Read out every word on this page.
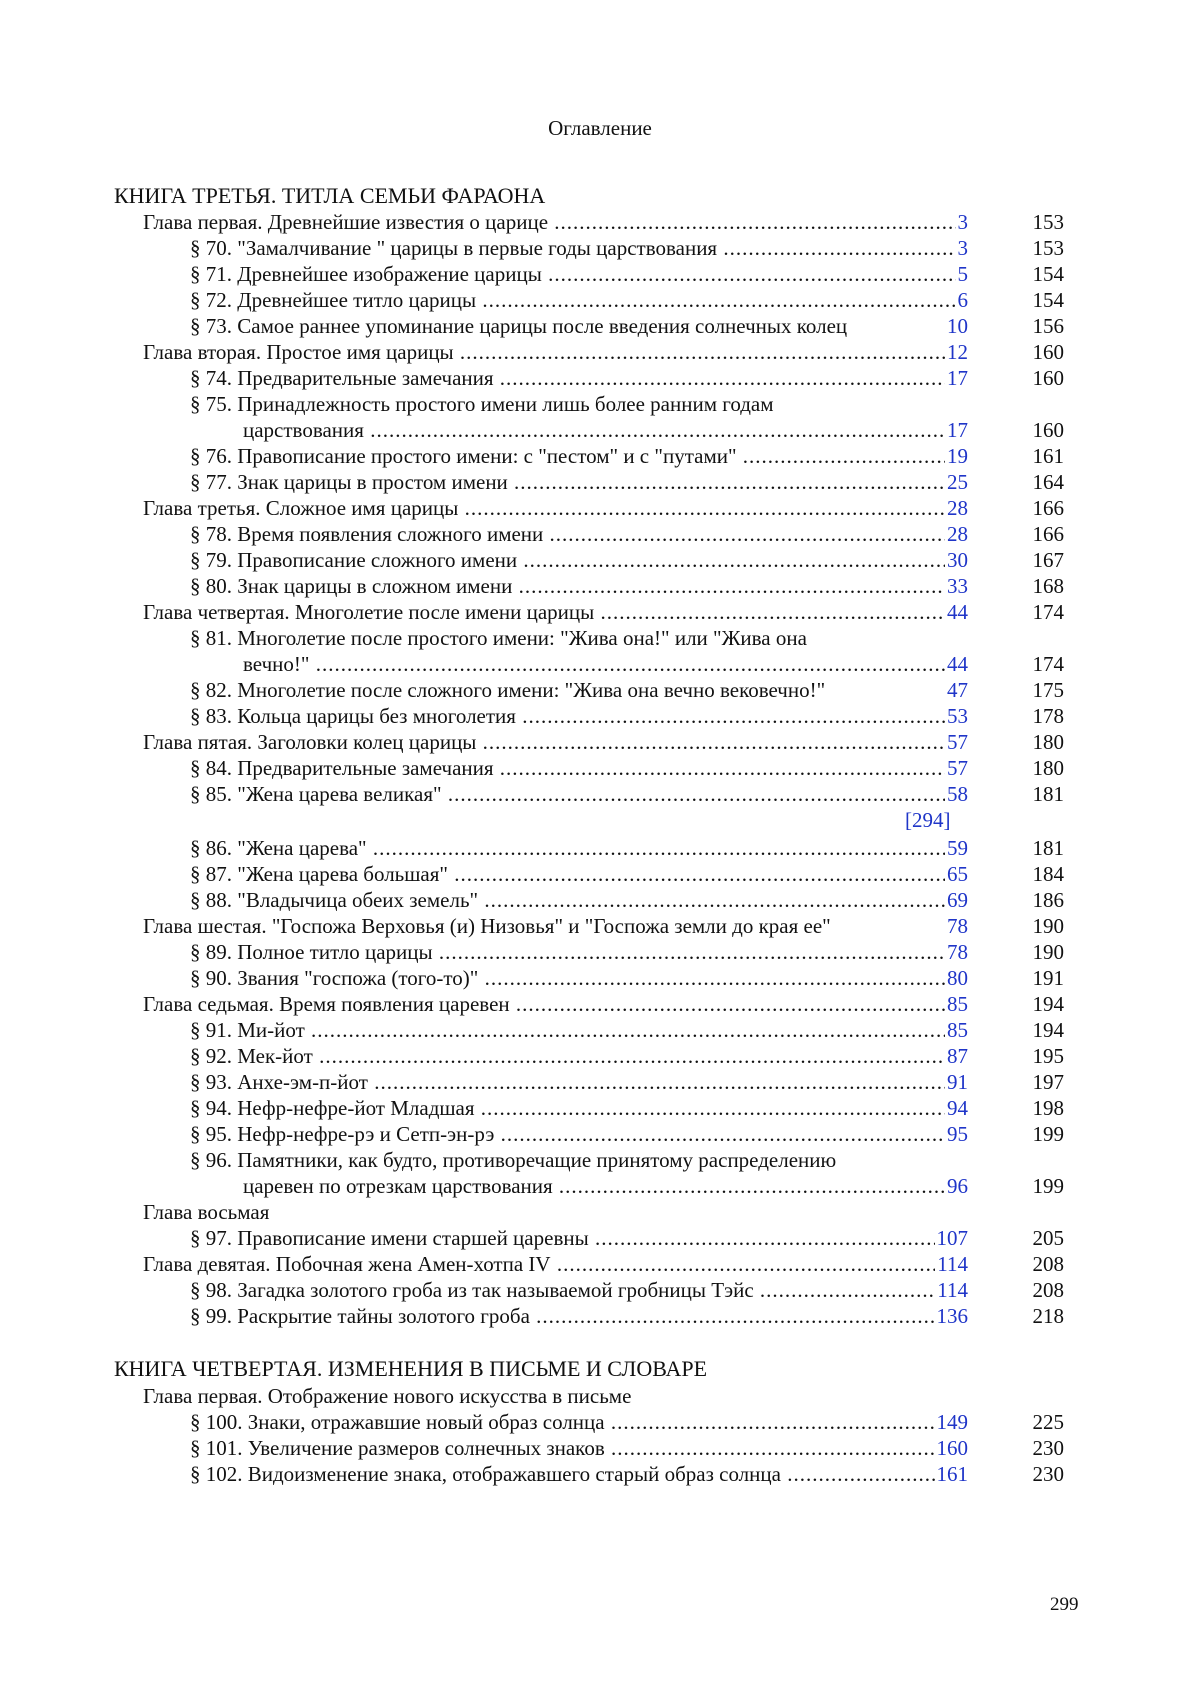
Оглавление
КНИГА ТРЕТЬЯ. ТИТЛА СЕМЬИ ФАРАОНА
Глава первая. Древнейшие известия о царице .....	3	153
§ 70. "Замалчивание " царицы в первые годы царствования .....	3	153
§ 71. Древнейшее изображение царицы .....	5	154
§ 72. Древнейшее титло царицы .....	6	154
§ 73. Самое раннее упоминание царицы после введения солнечных колец	10	156
Глава вторая. Простое имя царицы .....	12	160
§ 74. Предварительные замечания .....	17	160
§ 75. Принадлежность простого имени лишь более ранним годам
царствования .....	17	160
§ 76. Правописание простого имени: с "пестом" и с "путами" .....	19	161
§ 77. Знак царицы в простом имени .....	25	164
Глава третья. Сложное имя царицы .....	28	166
§ 78. Время появления сложного имени .....	28	166
§ 79. Правописание сложного имени .....	30	167
§ 80. Знак царицы в сложном имени .....	33	168
Глава четвертая. Многолетие после имени царицы .....	44	174
§ 81. Многолетие после простого имени: "Жива она!" или "Жива она
вечно!" .....	44	174
§ 82. Многолетие после сложного имени: "Жива она вечно вековечно!"	47	175
§ 83. Кольца царицы без многолетия .....	53	178
Глава пятая. Заголовки колец царицы .....	57	180
§ 84. Предварительные замечания .....	57	180
§ 85. "Жена царева великая" .....	58	181
[294]
§ 86. "Жена царева" .....	59	181
§ 87. "Жена царева большая" .....	65	184
§ 88. "Владычица обеих земель" .....	69	186
Глава шестая. "Госпожа Верховья (и) Низовья" и "Госпожа земли до края ее"	78	190
§ 89. Полное титло царицы .....	78	190
§ 90. Звания "госпожа (того-то)" .....	80	191
Глава седьмая. Время появления царевен .....	85	194
§ 91. Ми-йот .....	85	194
§ 92. Мек-йот .....	87	195
§ 93. Анхе-эм-п-йот .....	91	197
§ 94. Нефр-нефре-йот Младшая .....	94	198
§ 95. Нефр-нефре-рэ и Сетп-эн-рэ .....	95	199
§ 96. Памятники, как будто, противоречащие принятому распределению
царевен по отрезкам царствования .....	96	199
Глава восьмая
§ 97. Правописание имени старшей царевны .....	107	205
Глава девятая. Побочная жена Амен-хотпа IV .....	114	208
§ 98. Загадка золотого гроба из так называемой гробницы Тэйс .....	114	208
§ 99. Раскрытие тайны золотого гроба .....	136	218
КНИГА ЧЕТВЕРТАЯ. ИЗМЕНЕНИЯ В ПИСЬМЕ И СЛОВАРЕ
Глава первая. Отображение нового искусства в письме
§ 100. Знаки, отражавшие новый образ солнца .....	149	225
§ 101. Увеличение размеров солнечных знаков .....	160	230
§ 102. Видоизменение знака, отображавшего старый образ солнца .....	161	230
299
